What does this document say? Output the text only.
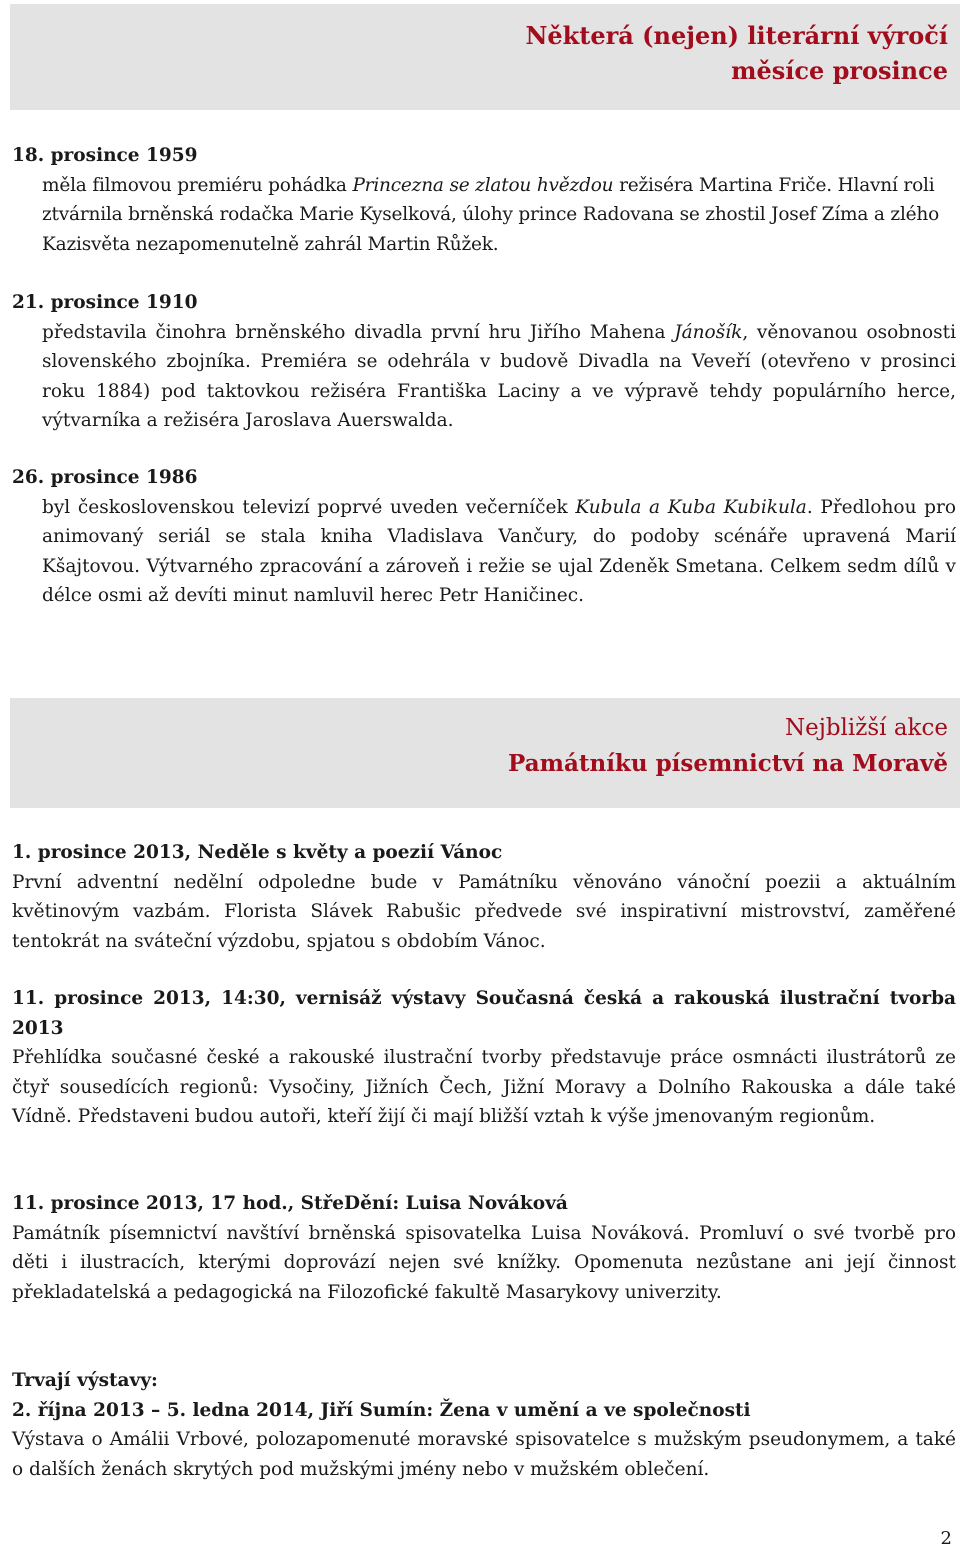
Některá (nejen) literární výročí
měsíce prosince

18. prosince 1959

měla filmovou premiéru pohádka Princezna se zlatou hvězdou režiséra Martina Friče. Hlavní roli ztvárnila brněnská rodačka Marie Kyselková, úlohy prince Radovana se zhostil Josef Zíma a zlého Kazisvěta nezapomenutelně zahrál Martin Růžek.

21. prosince 1910

představila činohra brněnského divadla první hru Jiřího Mahena Jánošík, věnovanou osobnosti slovenského zbojníka. Premiéra se odehrála v budově Divadla na Veveří (otevřeno v prosinci roku 1884) pod taktovkou režiséra Františka Laciny a ve výpravě tehdy populárního herce, výtvarníka a režiséra Jaroslava Auerswalda.

26. prosince 1986

byl československou televizí poprvé uveden večerníček Kubula a Kuba Kubikula. Předlohou pro animovaný seriál se stala kniha Vladislava Vančury, do podoby scénáře upravená Marií Kšajtovou. Výtvarného zpracování a zároveň i režie se ujal Zdeněk Smetana. Celkem sedm dílů v délce osmi až devíti minut namluvil herec Petr Haničinec.

Nejbližší akce
Památníku písemnictví na Moravě

1. prosince 2013, Neděle s květy a poezií Vánoc

První adventní nedělní odpoledne bude v Památníku věnováno vánoční poezii a aktuálním květinovým vazbám. Florista Slávek Rabušic předvede své inspirativní mistrovství, zaměřené tentokrát na sváteční výzdobu, spjatou s obdobím Vánoc.

11. prosince 2013, 14:30, vernisáž výstavy Současná česká a rakouská ilustrační tvorba 2013

Přehlídka současné české a rakouské ilustrační tvorby představuje práce osmnácti ilustrátorů ze čtyř sousedících regionů: Vysočiny, Jižních Čech, Jižní Moravy a Dolního Rakouska a dále také Vídně. Představeni budou autoři, kteří žijí či mají bližší vztah k výše jmenovaným regionům.

11. prosince 2013, 17 hod., StřeDění: Luisa Nováková

Památník písemnictví navštíví brněnská spisovatelka Luisa Nováková. Promluví o své tvorbě pro děti i ilustracích, kterými doprovází nejen své knížky. Opomenuta nezůstane ani její činnost překladatelská a pedagogická na Filozofické fakultě Masarykovy univerzity.

Trvají výstavy:

2. října 2013 – 5. ledna 2014, Jiří Sumín: Žena v umění a ve společnosti

Výstava o Amálii Vrbové, polozapomenuté moravské spisovatelce s mužským pseudonymem, a také o dalších ženách skrytých pod mužskými jmény nebo v mužském oblečení.

2
